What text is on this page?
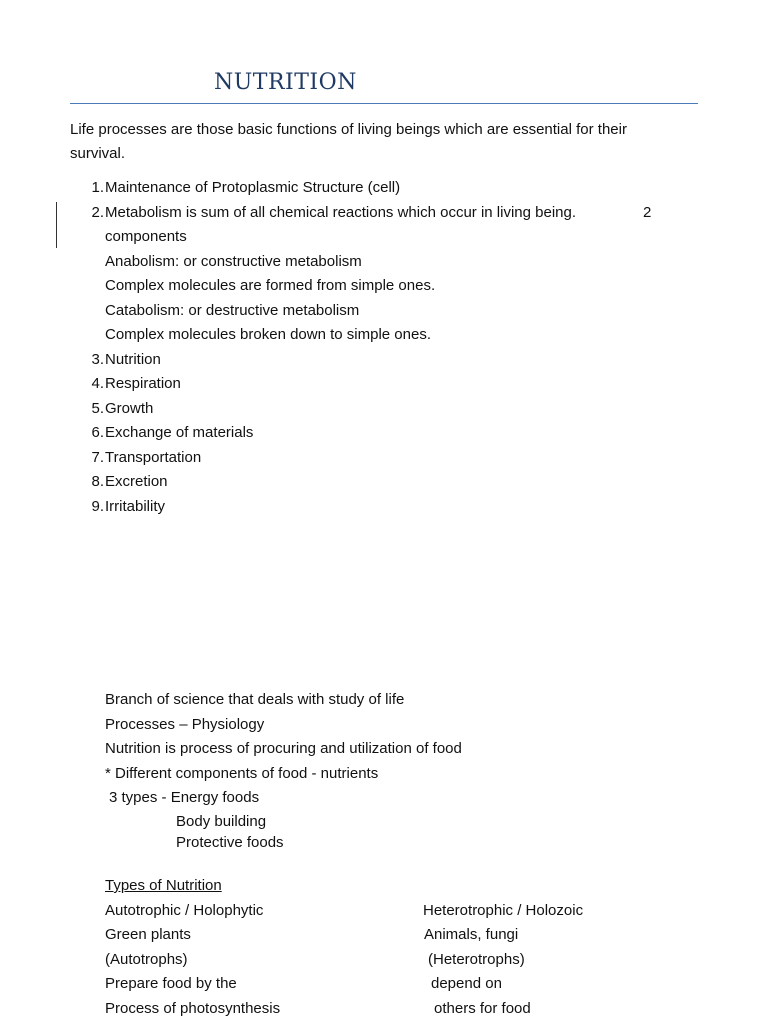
NUTRITION
Life processes are those basic functions of living beings which are essential for their survival.
1. Maintenance of Protoplasmic Structure (cell)
2. Metabolism is sum of all chemical reactions which occur in living being.	2
components
Anabolism: or constructive metabolism
Complex molecules are formed from simple ones.
Catabolism: or destructive metabolism
Complex molecules broken down to simple ones.
3. Nutrition
4. Respiration
5. Growth
6. Exchange of materials
7. Transportation
8. Excretion
9. Irritability
Branch of science that deals with study of life
Processes – Physiology
Nutrition is process of procuring and utilization of food
* Different components of food - nutrients
3 types - Energy foods
Body building
Protective foods
Types of Nutrition
Autotrophic / Holophytic	Heterotrophic / Holozoic
Green plants	Animals, fungi
(Autotrophs)	(Heterotrophs)
Prepare food by the	depend on
Process of photosynthesis	others for food
